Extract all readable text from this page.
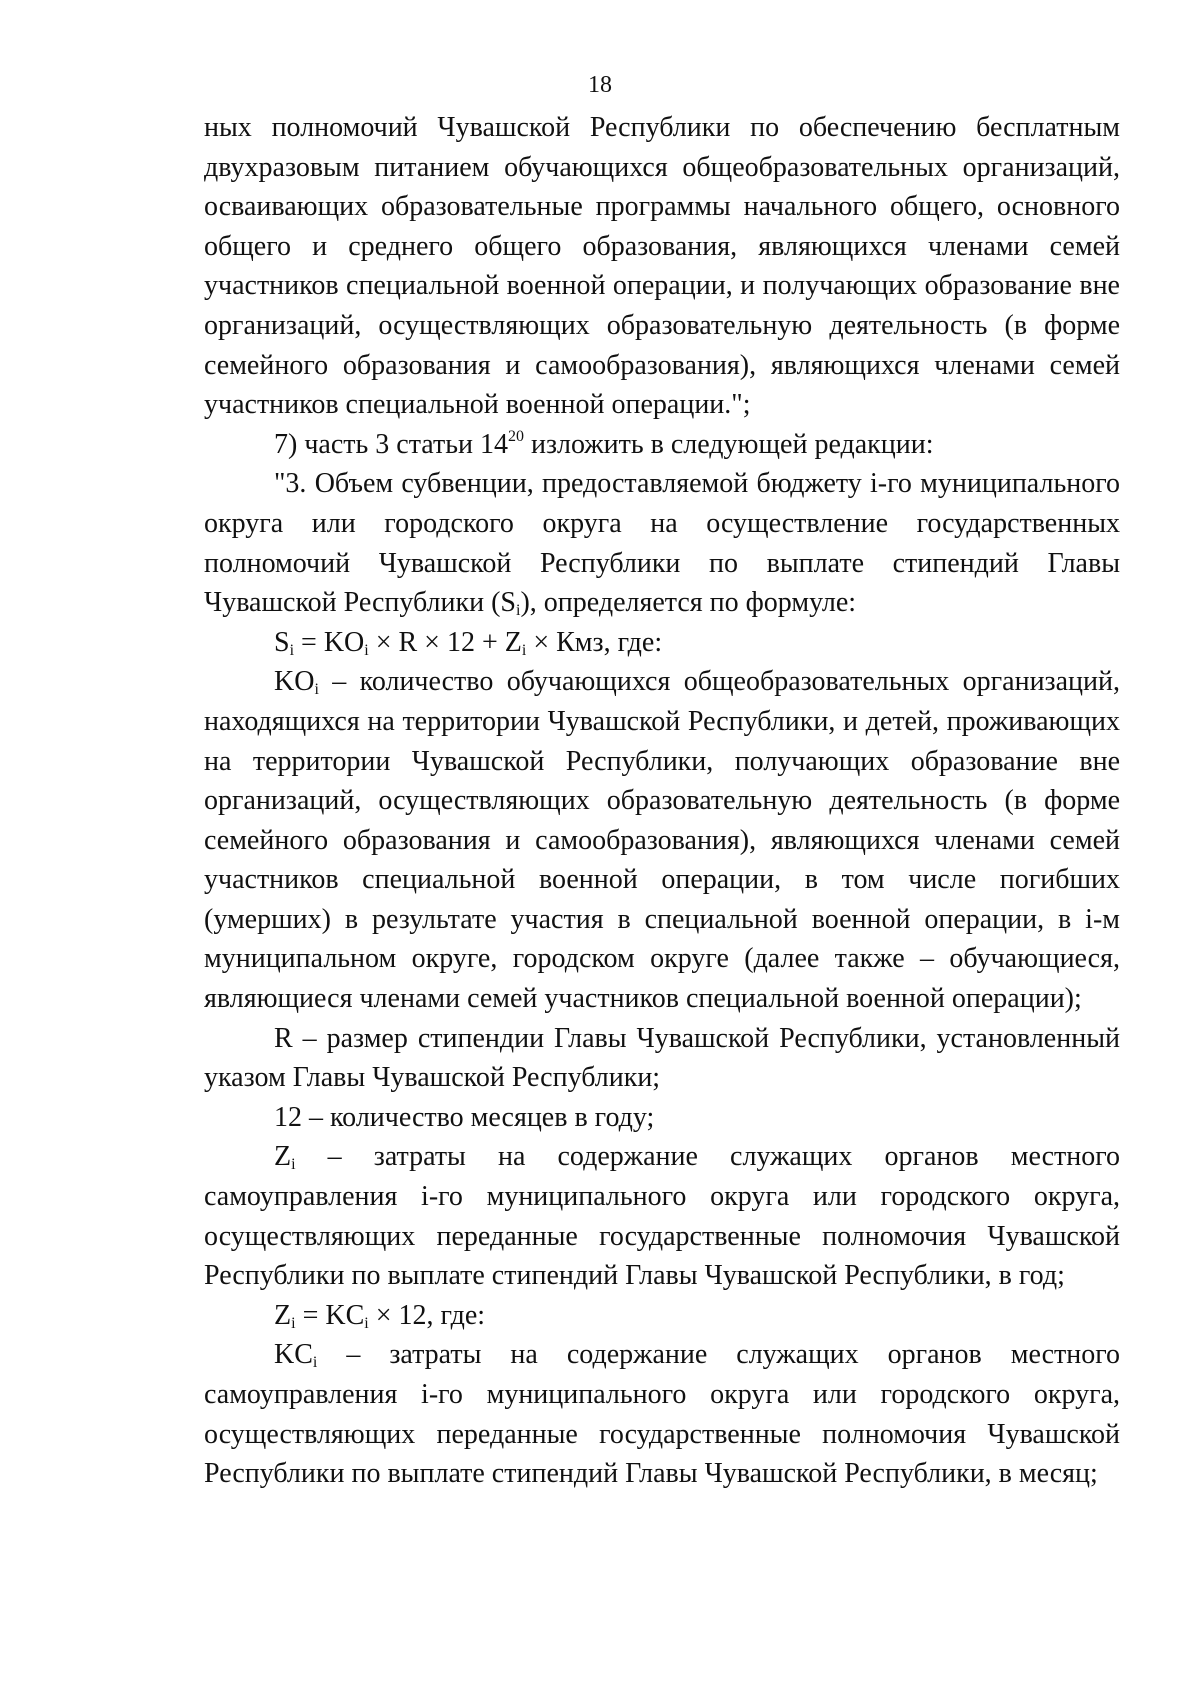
18

ных полномочий Чувашской Республики по обеспечению бесплатным двухразовым питанием обучающихся общеобразовательных организаций, осваивающих образовательные программы начального общего, основного общего и среднего общего образования, являющихся членами семей участников специальной военной операции, и получающих образование вне организаций, осуществляющих образовательную деятельность (в форме семейного образования и самообразования), являющихся членами семей участников специальной военной операции.";

7) часть 3 статьи $14^{20}$ изложить в следующей редакции:

"3. Объем субвенции, предоставляемой бюджету i-го муниципального округа или городского округа на осуществление государственных полномочий Чувашской Республики по выплате стипендий Главы Чувашской Республики $(S_i)$, определяется по формуле:

$S_i = KO_i \times R \times 12 + Z_i$ × Кмз, где:

$KO_i$ – количество обучающихся общеобразовательных организаций, находящихся на территории Чувашской Республики, и детей, проживающих на территории Чувашской Республики, получающих образование вне организаций, осуществляющих образовательную деятельность (в форме семейного образования и самообразования), являющихся членами семей участников специальной военной операции, в том числе погибших (умерших) в результате участия в специальной военной операции, в i-м муниципальном округе, городском округе (далее также – обучающиеся, являющиеся членами семей участников специальной военной операции);

R – размер стипендии Главы Чувашской Республики, установленный указом Главы Чувашской Республики;

12 – количество месяцев в году;

$Z_i$ – затраты на содержание служащих органов местного самоуправления i-го муниципального округа или городского округа, осуществляющих переданные государственные полномочия Чувашской Республики по выплате стипендий Главы Чувашской Республики, в год;

$Z_i = KC_i \times 12$, где:

$KC_i$ – затраты на содержание служащих органов местного самоуправления i-го муниципального округа или городского округа, осуществляющих переданные государственные полномочия Чувашской Республики по выплате стипендий Главы Чувашской Республики, в месяц;
